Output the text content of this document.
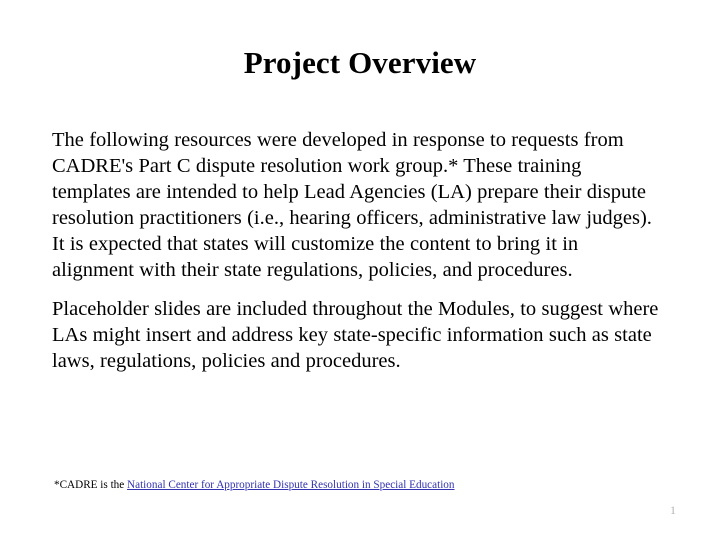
Project Overview

The following resources were developed in response to requests from CADRE's Part C dispute resolution work group.* These training templates are intended to help Lead Agencies (LA) prepare their dispute resolution practitioners (i.e., hearing officers, administrative law judges). It is expected that states will customize the content to bring it in alignment with their state regulations, policies, and procedures.

Placeholder slides are included throughout the Modules, to suggest where LAs might insert and address key state-specific information such as state laws, regulations, policies and procedures.

*CADRE is the National Center for Appropriate Dispute Resolution in Special Education
1
